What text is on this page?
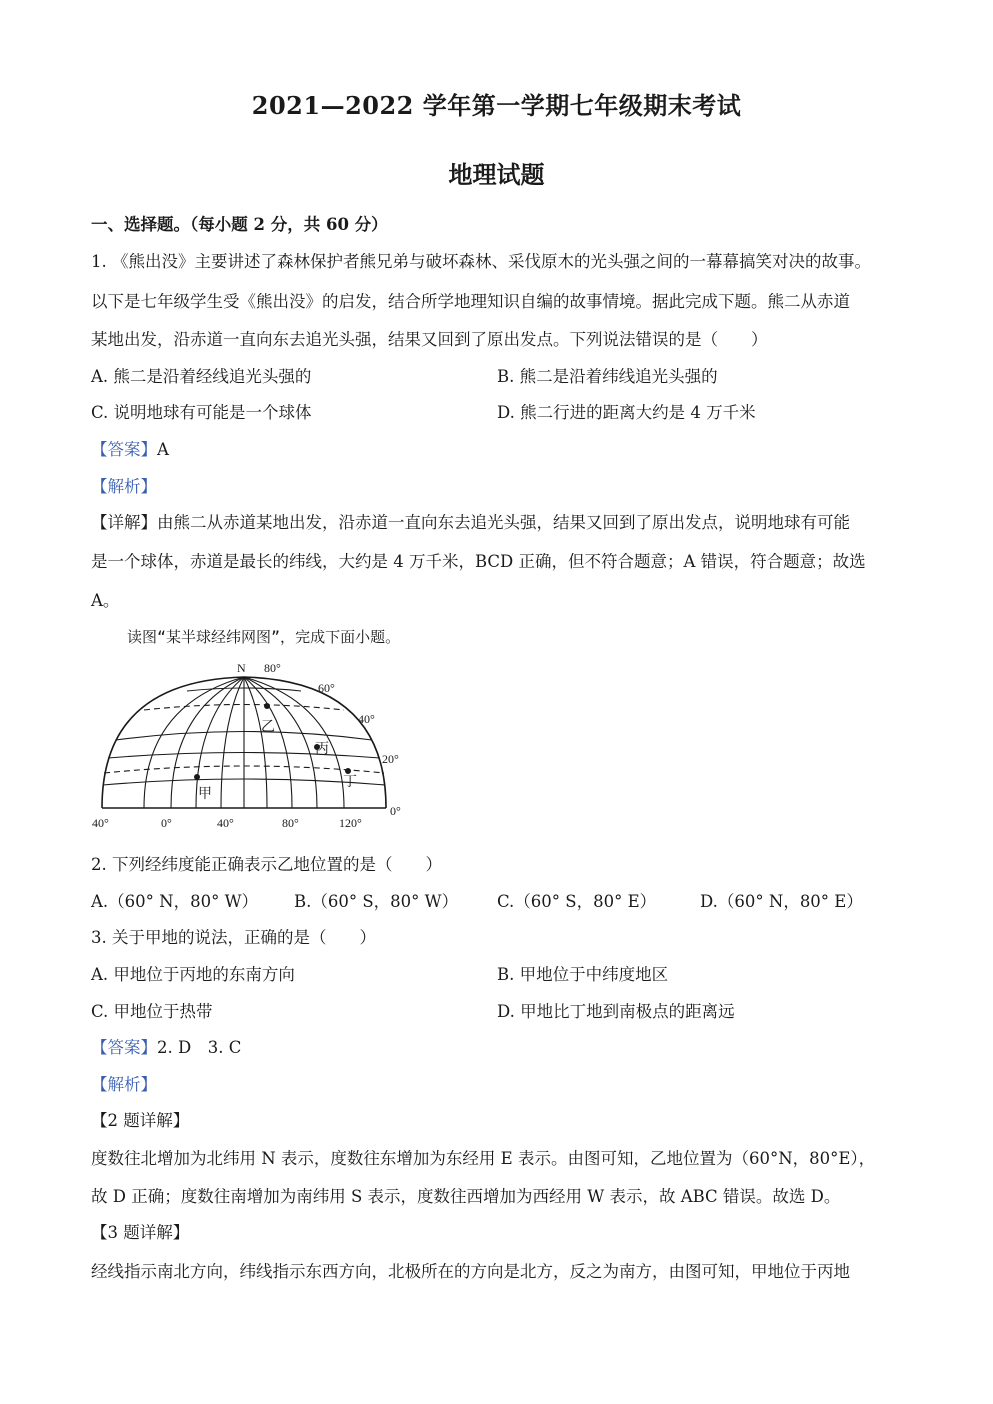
2021—2022 学年第一学期七年级期末考试
地理试题

一、选择题。（每小题 2 分，共 60 分）

1. 《熊出没》主要讲述了森林保护者熊兄弟与破坏森林、采伐原木的光头强之间的一幕幕搞笑对决的故事。

以下是七年级学生受《熊出没》的启发，结合所学地理知识自编的故事情境。据此完成下题。熊二从赤道

某地出发，沿赤道一直向东去追光头强，结果又回到了原出发点。下列说法错误的是（　　）

A. 熊二是沿着经线追光头强的	B. 熊二是沿着纬线追光头强的

C. 说明地球有可能是一个球体	D. 熊二行进的距离大约是 4 万千米

【答案】A

【解析】

【详解】由熊二从赤道某地出发，沿赤道一直向东去追光头强，结果又回到了原出发点，说明地球有可能

是一个球体，赤道是最长的纬线，大约是 4 万千米，BCD 正确，但不符合题意；A 错误，符合题意；故选

A。

读图“某半球经纬网图”，完成下面小题。

甲
乙
丙
丁
N 80°
60°
40°
20°
0°
40°	0°	40°	80°	120°

2. 下列经纬度能正确表示乙地位置的是（　　）

A.（60° N，80° W） B.（60° S，80° W） C.（60° S，80° E）	D.（60° N，80° E）

3. 关于甲地的说法，正确的是（　　）

A. 甲地位于丙地的东南方向	B. 甲地位于中纬度地区

C. 甲地位于热带	D. 甲地比丁地到南极点的距离远

【答案】2. D　3. C

【解析】

【2 题详解】

度数往北增加为北纬用 N 表示，度数往东增加为东经用 E 表示。由图可知，乙地位置为（60°N，80°E），

故 D 正确；度数往南增加为南纬用 S 表示，度数往西增加为西经用 W 表示，故 ABC 错误。故选 D。

【3 题详解】

经线指示南北方向，纬线指示东西方向，北极所在的方向是北方，反之为南方，由图可知，甲地位于丙地
